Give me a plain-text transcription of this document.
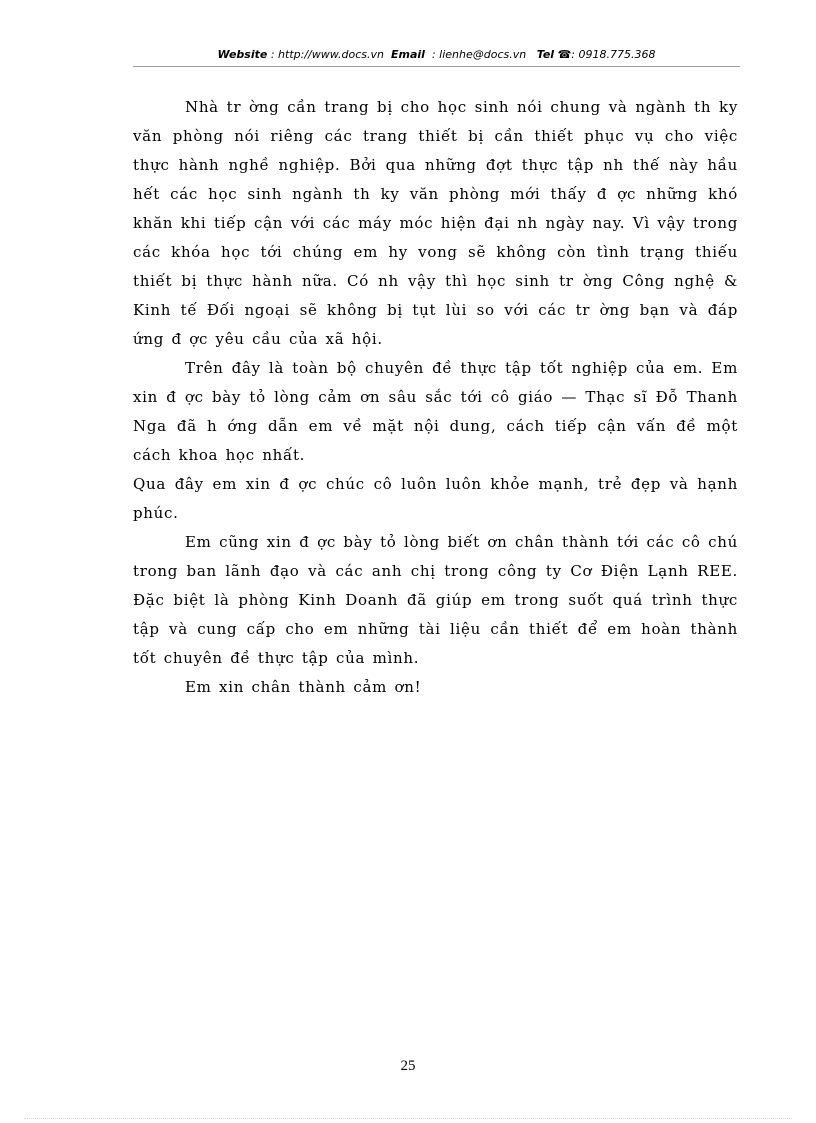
Website : http://www.docs.vn Email : lienhe@docs.vn Tel ☎: 0918.775.368

Nhà tr ờng cần trang bị cho học sinh nói chung và ngành th ky văn phòng nói riêng các trang thiết bị cần thiết phục vụ cho việc thực hành nghề nghiệp. Bởi qua những đợt thực tập nh thế này hầu hết các học sinh ngành th ky văn phòng mới thấy đ ợc những khó khăn khi tiếp cận với các máy móc hiện đại nh ngày nay. Vì vậy trong các khóa học tới chúng em hy vong sẽ không còn tình trạng thiếu thiết bị thực hành nữa. Có nh vậy thì học sinh tr ờng Công nghệ & Kinh tế Đối ngoại sẽ không bị tụt lùi so với các tr ờng bạn và đáp ứng đ ợc yêu cầu của xã hội.

Trên đây là toàn bộ chuyên đề thực tập tốt nghiệp của em. Em xin đ ợc bày tỏ lòng cảm ơn sâu sắc tới cô giáo — Thạc sĩ Đỗ Thanh Nga đã h ớng dẫn em về mặt nội dung, cách tiếp cận vấn đề một cách khoa học nhất.

Qua đây em xin đ ợc chúc cô luôn luôn khỏe mạnh, trẻ đẹp và hạnh phúc.

Em cũng xin đ ợc bày tỏ lòng biết ơn chân thành tới các cô chú trong ban lãnh đạo và các anh chị trong công ty Cơ Điện Lạnh REE. Đặc biệt là phòng Kinh Doanh đã giúp em trong suốt quá trình thực tập và cung cấp cho em những tài liệu cần thiết để em hoàn thành tốt chuyên đề thực tập của mình.

Em xin chân thành cảm ơn!

25
